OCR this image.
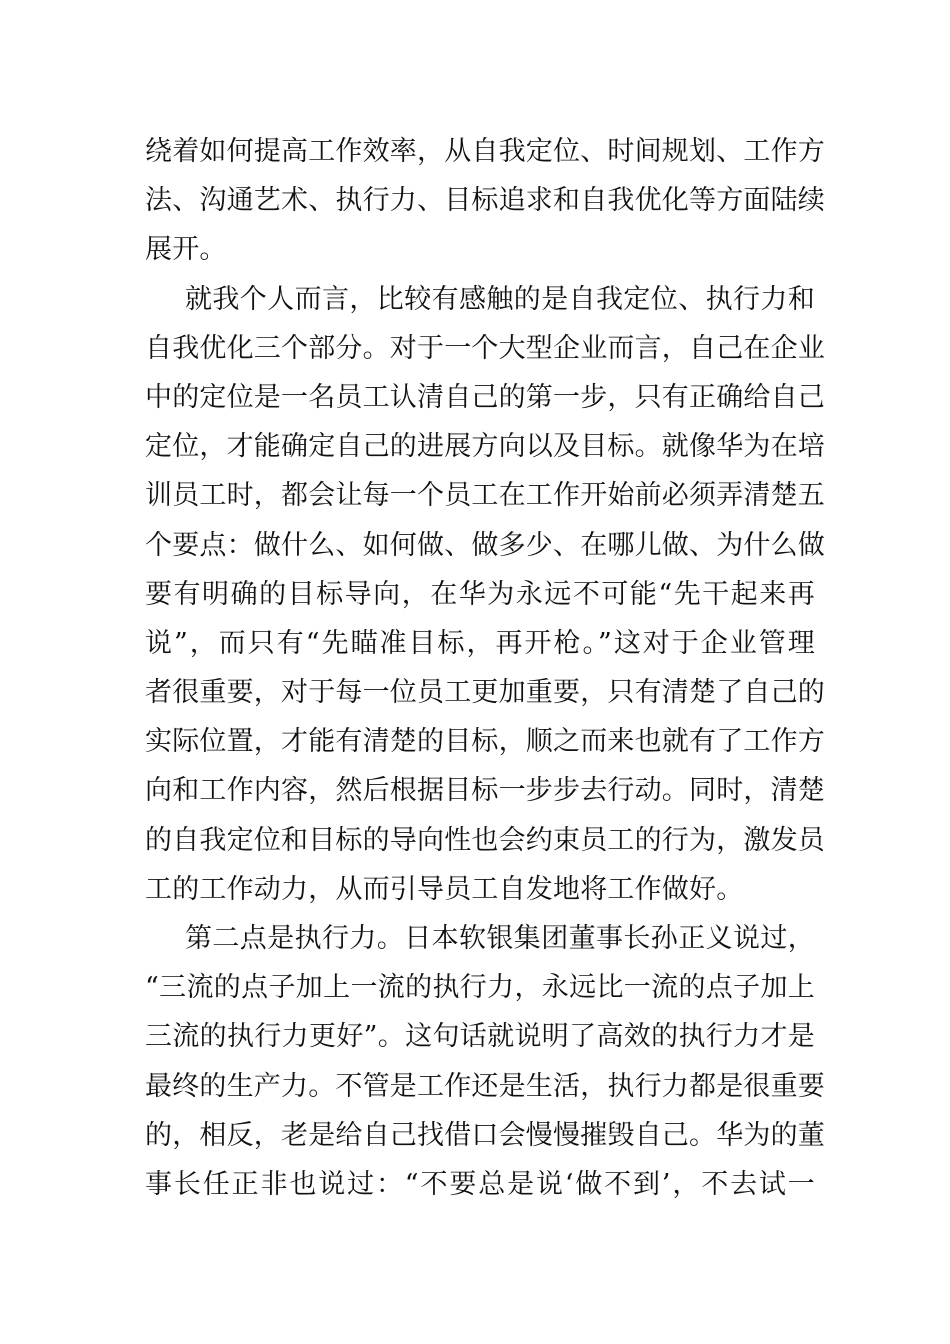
绕着如何提高工作效率，从自我定位、时间规划、工作方
法、沟通艺术、执行力、目标追求和自我优化等方面陆续
展开。
就我个人而言，比较有感触的是自我定位、执行力和
自我优化三个部分。对于一个大型企业而言，自己在企业
中的定位是一名员工认清自己的第一步，只有正确给自己
定位，才能确定自己的进展方向以及目标。就像华为在培
训员工时，都会让每一个员工在工作开始前必须弄清楚五
个要点：做什么、如何做、做多少、在哪儿做、为什么做
要有明确的目标导向，在华为永远不可能“先干起来再
说”，而只有“先瞄准目标，再开枪。”这对于企业管理
者很重要，对于每一位员工更加重要，只有清楚了自己的
实际位置，才能有清楚的目标，顺之而来也就有了工作方
向和工作内容，然后根据目标一步步去行动。同时，清楚
的自我定位和目标的导向性也会约束员工的行为，激发员
工的工作动力，从而引导员工自发地将工作做好。
第二点是执行力。日本软银集团董事长孙正义说过，
“三流的点子加上一流的执行力，永远比一流的点子加上
三流的执行力更好”。这句话就说明了高效的执行力才是
最终的生产力。不管是工作还是生活，执行力都是很重要
的，相反，老是给自己找借口会慢慢摧毁自己。华为的董
事长任正非也说过：“不要总是说‘做不到’，不去试一
